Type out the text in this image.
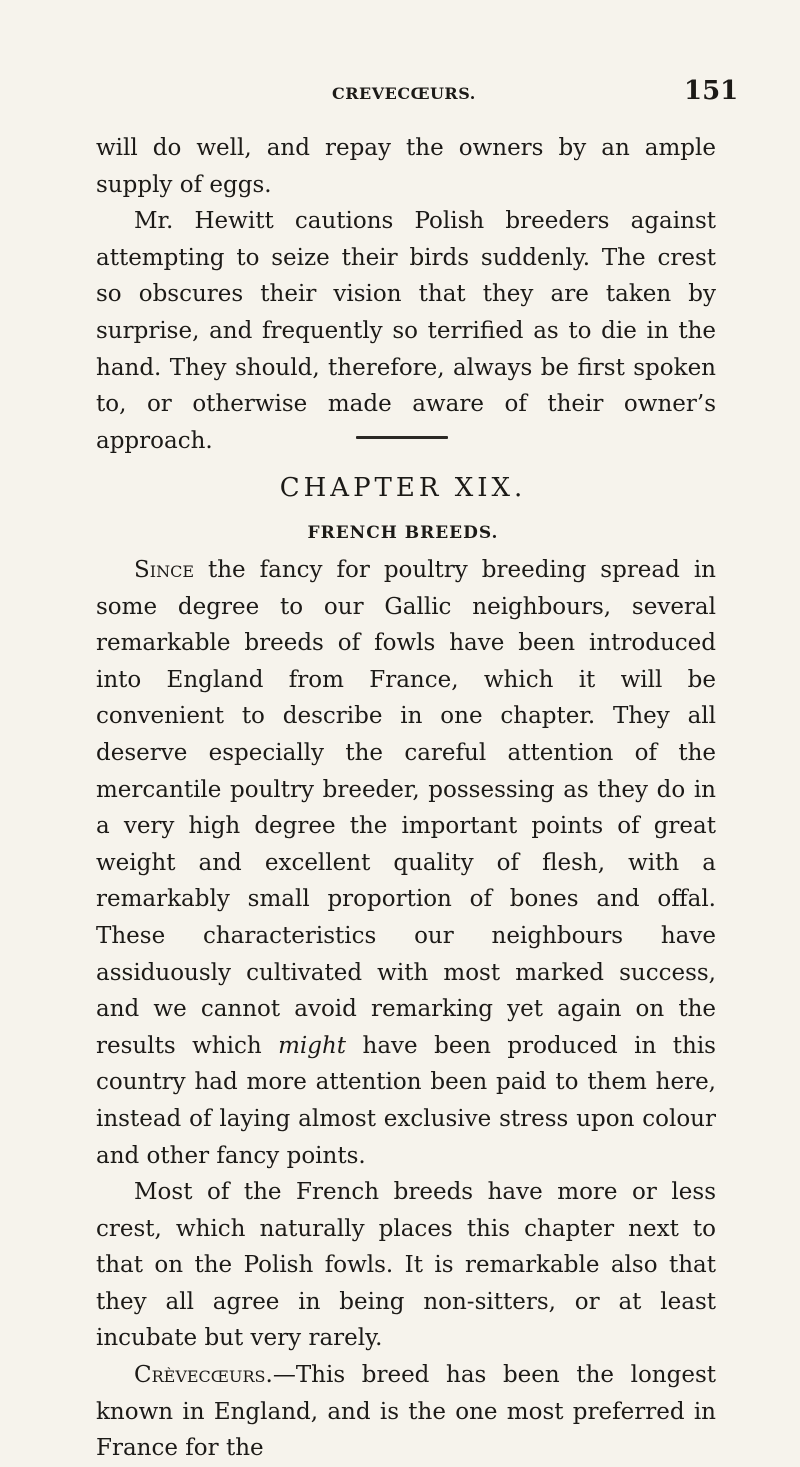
CREVECŒURS.	151

will do well, and repay the owners by an ample supply of eggs.

Mr. Hewitt cautions Polish breeders against attempting to seize their birds suddenly. The crest so obscures their vision that they are taken by surprise, and frequently so terrified as to die in the hand. They should, therefore, always be first spoken to, or otherwise made aware of their owner’s approach.

CHAPTER XIX.
FRENCH BREEDS.

Since the fancy for poultry breeding spread in some degree to our Gallic neighbours, several remarkable breeds of fowls have been introduced into England from France, which it will be convenient to describe in one chapter. They all deserve especially the careful attention of the mercantile poultry breeder, possessing as they do in a very high degree the important points of great weight and excellent quality of flesh, with a remarkably small proportion of bones and offal. These characteristics our neighbours have assiduously cultivated with most marked success, and we cannot avoid remarking yet again on the results which might have been produced in this country had more attention been paid to them here, instead of laying almost exclusive stress upon colour and other fancy points.

Most of the French breeds have more or less crest, which naturally places this chapter next to that on the Polish fowls. It is remarkable also that they all agree in being non-sitters, or at least incubate but very rarely.

Crèvecœurs.—This breed has been the longest known in England, and is the one most preferred in France for the
